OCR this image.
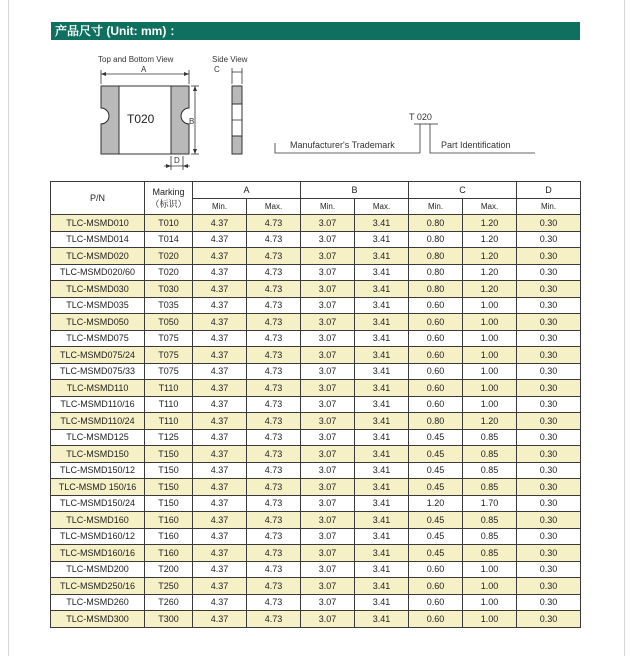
产品尺寸 (Unit: mm) ：
Top and Bottom View
A
Side View
C
B
D
T020	T 020
Manufacturer's Trademark	Part Identification
P/N	Marking
（标识）	A		B		C		D
		Min.	Max.	Min.	Max.	Min.	Max.	Min.
TLC-MSMD010	T010	4.37	4.73	3.07	3.41	0.80	1.20	0.30
TLC-MSMD014	T014	4.37	4.73	3.07	3.41	0.80	1.20	0.30
TLC-MSMD020	T020	4.37	4.73	3.07	3.41	0.80	1.20	0.30
TLC-MSMD020/60	T020	4.37	4.73	3.07	3.41	0.80	1.20	0.30
TLC-MSMD030	T030	4.37	4.73	3.07	3.41	0.80	1.20	0.30
TLC-MSMD035	T035	4.37	4.73	3.07	3.41	0.60	1.00	0.30
TLC-MSMD050	T050	4.37	4.73	3.07	3.41	0.60	1.00	0.30
TLC-MSMD075	T075	4.37	4.73	3.07	3.41	0.60	1.00	0.30
TLC-MSMD075/24	T075	4.37	4.73	3.07	3.41	0.60	1.00	0.30
TLC-MSMD075/33	T075	4.37	4.73	3.07	3.41	0.60	1.00	0.30
TLC-MSMD110	T110	4.37	4.73	3.07	3.41	0.60	1.00	0.30
TLC-MSMD110/16	T110	4.37	4.73	3.07	3.41	0.60	1.00	0.30
TLC-MSMD110/24	T110	4.37	4.73	3.07	3.41	0.80	1.20	0.30
TLC-MSMD125	T125	4.37	4.73	3.07	3.41	0.45	0.85	0.30
TLC-MSMD150	T150	4.37	4.73	3.07	3.41	0.45	0.85	0.30
TLC-MSMD150/12	T150	4.37	4.73	3.07	3.41	0.45	0.85	0.30
TLC-MSMD 150/16	T150	4.37	4.73	3.07	3.41	0.45	0.85	0.30
TLC-MSMD150/24	T150	4.37	4.73	3.07	3.41	1.20	1.70	0.30
TLC-MSMD160	T160	4.37	4.73	3.07	3.41	0.45	0.85	0.30
TLC-MSMD160/12	T160	4.37	4.73	3.07	3.41	0.45	0.85	0.30
TLC-MSMD160/16	T160	4.37	4.73	3.07	3.41	0.45	0.85	0.30
TLC-MSMD200	T200	4.37	4.73	3.07	3.41	0.60	1.00	0.30
TLC-MSMD250/16	T250	4.37	4.73	3.07	3.41	0.60	1.00	0.30
TLC-MSMD260	T260	4.37	4.73	3.07	3.41	0.60	1.00	0.30
TLC-MSMD300	T300	4.37	4.73	3.07	3.41	0.60	1.00	0.30
